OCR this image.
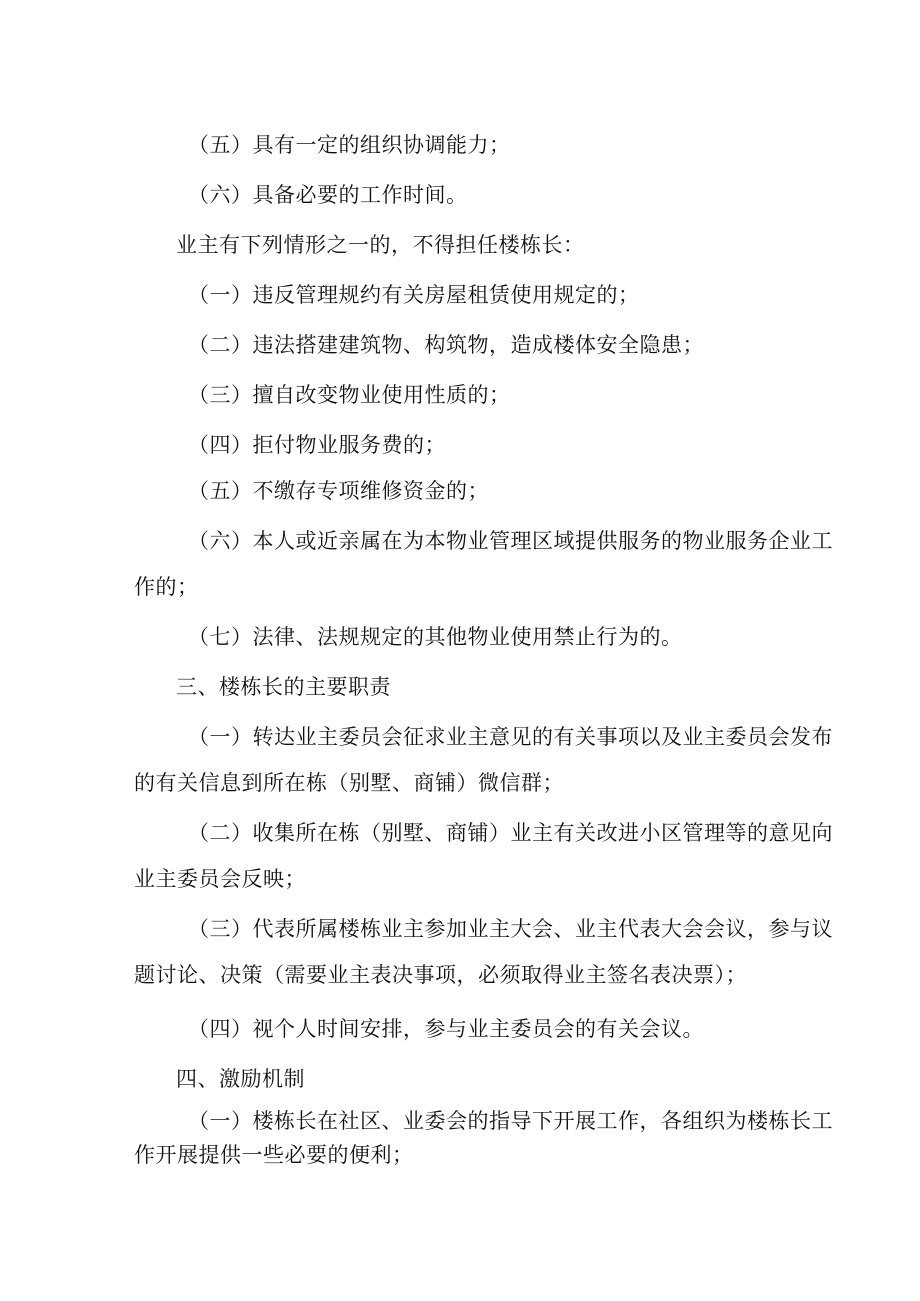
（五）具有一定的组织协调能力；
（六）具备必要的工作时间。
业主有下列情形之一的，不得担任楼栋长：
（一）违反管理规约有关房屋租赁使用规定的；
（二）违法搭建建筑物、构筑物，造成楼体安全隐患；
（三）擅自改变物业使用性质的；
（四）拒付物业服务费的；
（五）不缴存专项维修资金的；
（六）本人或近亲属在为本物业管理区域提供服务的物业服务企业工
作的；
（七）法律、法规规定的其他物业使用禁止行为的。
三、楼栋长的主要职责
（一）转达业主委员会征求业主意见的有关事项以及业主委员会发布
的有关信息到所在栋（别墅、商铺）微信群；
（二）收集所在栋（别墅、商铺）业主有关改进小区管理等的意见向
业主委员会反映；
（三）代表所属楼栋业主参加业主大会、业主代表大会会议，参与议
题讨论、决策（需要业主表决事项，必须取得业主签名表决票）；
（四）视个人时间安排，参与业主委员会的有关会议。
四、激励机制
（一）楼栋长在社区、业委会的指导下开展工作，各组织为楼栋长工
作开展提供一些必要的便利；
